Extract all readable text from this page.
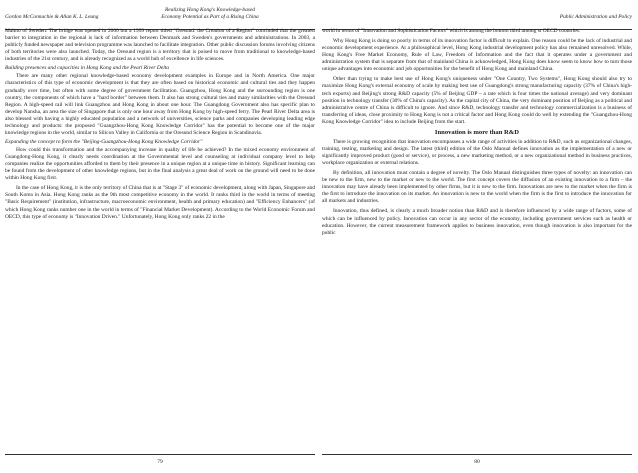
Gordon McConnachie & Allan K. L. Leung
Realizing Hong Kong's Knowledge-based
Economy Potential as Part of a Rising China

Malmo of Sweden. The bridge was opened in 2000 but a 1999 report titled "Oresund: the Creation of a Region" concluded that the greatest barrier to integration in the regional is lack of information between Denmark and Sweden's governments and administrations. In 2003, a publicly funded newspaper and television programme was launched to facilitate integration. Other public discussion forums involving citizens of both territories were also launched. Today, the Oresund region is a territory that is poised to move from traditional to knowledge-based industries of the 21st century, and is already recognized as a world hub of excellence in life sciences.

Building presences and capacities in Hong Kong and the Pearl River Delta

There are many other regional knowledge-based economy development examples in Europe and in North America. One major characteristics of this type of economic development is that they are often based on historical economic and cultural ties and they happen gradually over time, but often with some degree of government facilitation. Guangzhou, Hong Kong and the surrounding region is one country, the components of which have a "hard border" between them. It also has strong cultural ties and many similarities with the Oresund Region. A high-speed rail will link Guangzhou and Hong Kong in about one hour. The Guangdong Government also has specific plan to develop Nansha, an area the size of Singapore that is only one hour away from Hong Kong by high-speed ferry. The Pearl River Delta area is also blessed with having a highly educated population and a network of universities, science parks and companies developing leading edge technology and products: the proposed "Guangzhou-Hong Kong Knowledge Corridor" has the potential to become one of the major knowledge regions in the world, similar to Silicon Valley in California or the Oresund Science Region in Scandinavia.

Expanding the concept to form the "Beijing-Guangzhou-Hong Kong Knowledge Corridor"

How could this transformation and the accompanying increase in quality of life be achieved? In the mixed economy environment of Guangdong-Hong Kong, it clearly needs coordination at the Governmental level and counseling at individual company level to help companies realize the opportunities afforded to them by their presence in a unique region at a unique time in history. Significant learning can be found from the development of other knowledge regions, but in the final analysis a great deal of work on the ground will need to be done within Hong Kong first.

In the case of Hong Kong, it is the only territory of China that is at "Stage 3" of economic development, along with Japan, Singapore and South Korea in Asia. Hong Kong ranks as the 9th most competitive economy in the world. It ranks third in the world in terms of meeting "Basic Requirement" (institution, infrastructure, macroeconomic environment, health and primary education) and "Efficiency Enhancers" (of which Hong Kong ranks number one in the world in terms of "Financial Market Development). According to the World Economic Forum and OECD, this type of economy is "Innovation Driven." Unfortunately, Hong Kong only ranks 22 in the

79
Public Administration and Policy

world in terms of "Innovation and Sophistication Factors" which is among the bottom third among st OECD countries.

Why Hong Kong is doing so poorly in terms of its innovation factor is difficult to explain. One reason could be the lack of industrial and economic development experience. At a philosophical level, Hong Kong industrial development policy has also remained unresolved. While, Hong Kong's Free Market Economy, Rule of Law, Freedom of Information and the fact that it operates under a government and administration system that is separate from that of mainland China is acknowledged, Hong Kong does know seem to know how to turn those unique advantages into economic and job opportunities for the benefit of Hong Kong and mainland China.

Other than trying to make best use of Hong Kong's uniqueness under "One Country, Two Systems", Hong Kong should also try to maximize Hong Kong's external economy of scale by making best use of Guangdong's strong manufacturing capacity (37% of China's high-tech exports) and Beijing's strong R&D capacity (5% of Beijing GDP – a rate which is four times the national average) and very dominant position in technology transfer (30% of China's capacity). As the capital city of China, the very dominant position of Beijing as a political and administrative centre of China is difficult to ignore. And since R&D, technology transfer and technology commercialization is a business of transferring of ideas, close proximity to Hong Kong is not a critical factor and Hong Kong could do well by extending the "Guangzhou-Hong Kong Knowledge Corridor" idea to include Beijing from the start.

Innovation is more than R&D

There is growing recognition that innovation encompasses a wide range of activities in addition to R&D, such as organizational changes, training, testing, marketing and design. The latest (third) edition of the Oslo Manual defines innovation as the implementation of a new or significantly improved product (good or service), or process, a new marketing method, or a new organizational method in business practices, workplace organization or external relations.

By definition, all innovation must contain a degree of novelty. The Oslo Manual distinguishes three types of novelty: an innovation can be new to the firm, new to the market or new to the world. The first concept covers the diffusion of an existing innovation to a firm – the innovation may have already been implemented by other firms, but it is new to the firm. Innovations are new to the market when the firm is the first to introduce the innovation on its market. An innovation is new to the world when the firm is the first to introduce the innovation for all markets and industries.

Innovation, thus defined, is clearly a much broader notion than R&D and is therefore influenced by a wide range of factors, some of which can be influenced by policy. Innovation can occur in any sector of the economy, including government services such as health or education. However, the current measurement framework applies to business innovation, even though innovation is also important for the public

80
